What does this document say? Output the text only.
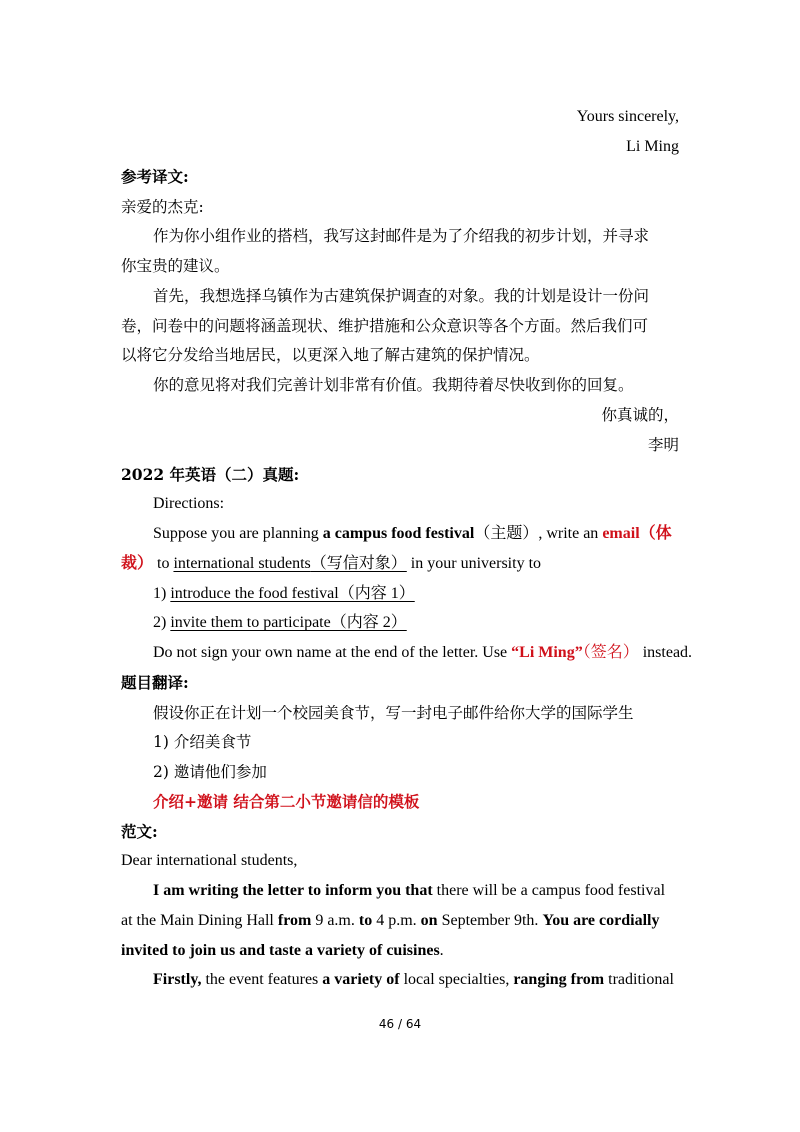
Yours sincerely,
Li Ming
参考译文:
亲爱的杰克:
作为你小组作业的搭档，我写这封邮件是为了介绍我的初步计划，并寻求
你宝贵的建议。
首先，我想选择乌镇作为古建筑保护调查的对象。我的计划是设计一份问
卷，问卷中的问题将涵盖现状、维护措施和公众意识等各个方面。然后我们可
以将它分发给当地居民，以更深入地了解古建筑的保护情况。
你的意见将对我们完善计划非常有价值。我期待着尽快收到你的回复。
你真诚的，
李明
2022 年英语（二）真题:
Directions:
Suppose you are planning a campus food festival（主题）, write an email（体
裁） to international students（写信对象） in your university to
1) introduce the food festival（内容 1）
2) invite them to participate（内容 2）
Do not sign your own name at the end of the letter. Use “Li Ming”（签名） instead.
题目翻译:
假设你正在计划一个校园美食节，写一封电子邮件给你大学的国际学生
1) 介绍美食节
2) 邀请他们参加
介绍+邀请 结合第二小节邀请信的模板
范文:
Dear international students,
I am writing the letter to inform you that there will be a campus food festival
at the Main Dining Hall from 9 a.m. to 4 p.m. on September 9th. You are cordially
invited to join us and taste a variety of cuisines.
Firstly, the event features a variety of local specialties, ranging from traditional
46 / 64
